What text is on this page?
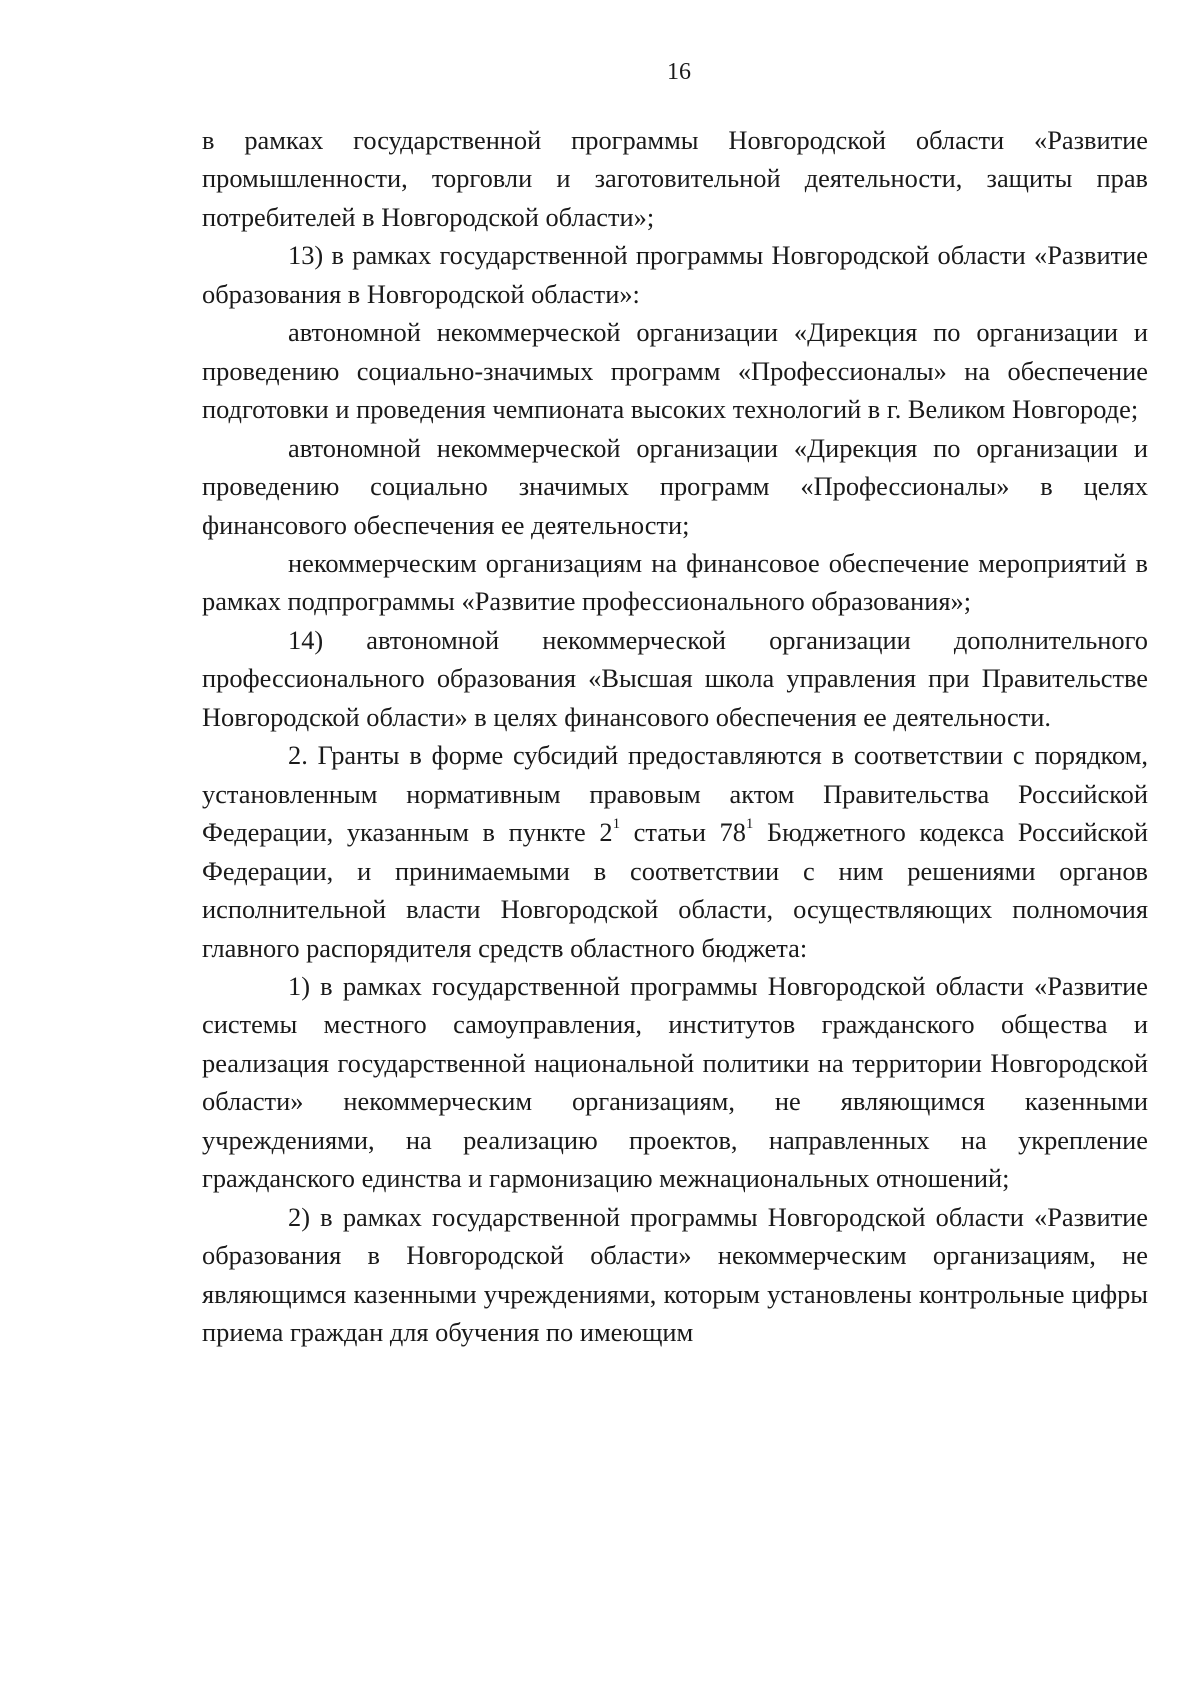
16

в рамках государственной программы Новгородской области «Развитие промышленности, торговли и заготовительной деятельности, защиты прав потребителей в Новгородской области»;

13) в рамках государственной программы Новгородской области «Развитие образования в Новгородской области»:

автономной некоммерческой организации «Дирекция по организации и проведению социально-значимых программ «Профессионалы» на обеспечение подготовки и проведения чемпионата высоких технологий в г. Великом Новгороде;

автономной некоммерческой организации «Дирекция по организации и проведению социально значимых программ «Профессионалы» в целях финансового обеспечения ее деятельности;

некоммерческим организациям на финансовое обеспечение мероприятий в рамках подпрограммы «Развитие профессионального образования»;

14) автономной некоммерческой организации дополнительного профессионального образования «Высшая школа управления при Правительстве Новгородской области» в целях финансового обеспечения ее деятельности.

2. Гранты в форме субсидий предоставляются в соответствии с порядком, установленным нормативным правовым актом Правительства Российской Федерации, указанным в пункте $2^1$ статьи $78^1$ Бюджетного кодекса Российской Федерации, и принимаемыми в соответствии с ним решениями органов исполнительной власти Новгородской области, осуществляющих полномочия главного распорядителя средств областного бюджета:

1) в рамках государственной программы Новгородской области «Развитие системы местного самоуправления, институтов гражданского общества и реализация государственной национальной политики на территории Новгородской области» некоммерческим организациям, не являющимся казенными учреждениями, на реализацию проектов, направленных на укрепление гражданского единства и гармонизацию межнациональных отношений;

2) в рамках государственной программы Новгородской области «Развитие образования в Новгородской области» некоммерческим организациям, не являющимся казенными учреждениями, которым установлены контрольные цифры приема граждан для обучения по имеющим
